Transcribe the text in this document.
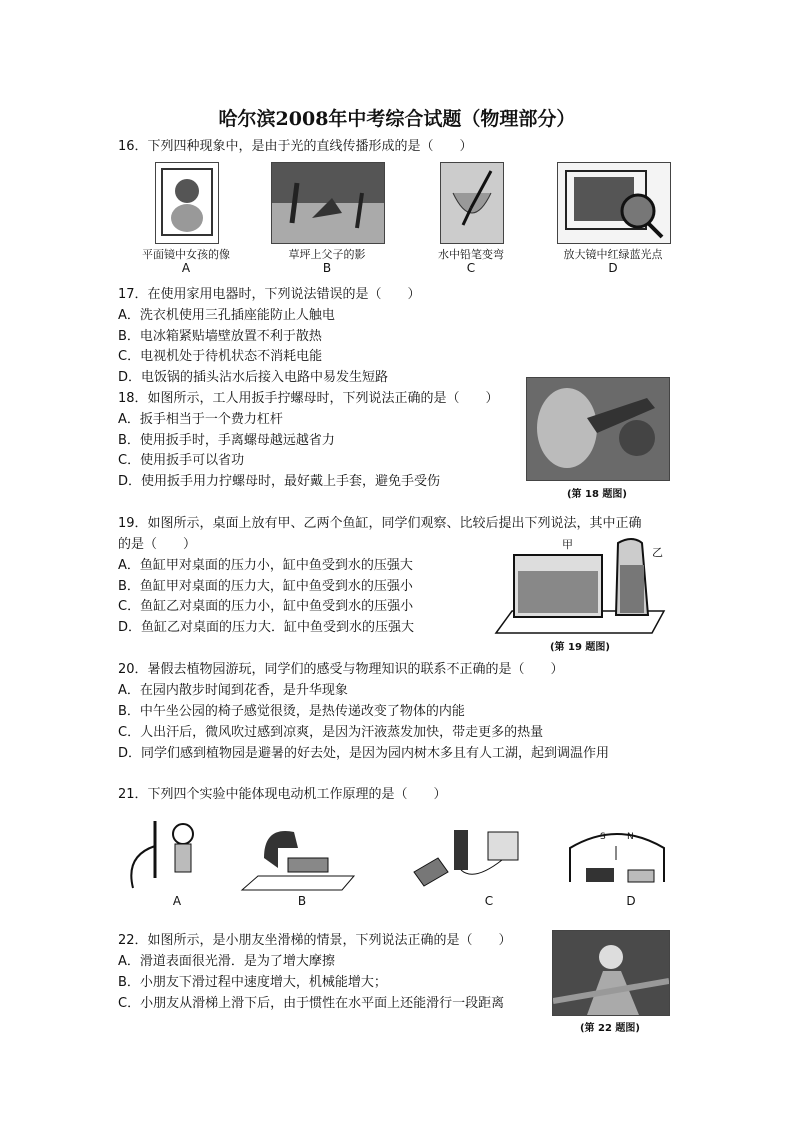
哈尔滨2008年中考综合试题（物理部分）
16．下列四种现象中，是由于光的直线传播形成的是（　　）
平面镜中女孩的像	草坪上父子的影	水中铅笔变弯	放大镜中红绿蓝光点
A	B	C	D
17．在使用家用电器时，下列说法错误的是（　　）
A．洗衣机使用三孔插座能防止人触电
B．电冰箱紧贴墙壁放置不利于散热
C．电视机处于待机状态不消耗电能
D．电饭锅的插头沾水后接入电路中易发生短路
18．如图所示，工人用扳手拧螺母时，下列说法正确的是（　　）
A．扳手相当于一个费力杠杆
B．使用扳手时，手离螺母越远越省力
C．使用扳手可以省功
D．使用扳手用力拧螺母时，最好戴上手套，避免手受伤
(第 18 题图)
19．如图所示，桌面上放有甲、乙两个鱼缸，同学们观察、比较后提出下列说法，其中正确
的是（　　）
A．鱼缸甲对桌面的压力小，缸中鱼受到水的压强大
B．鱼缸甲对桌面的压力大，缸中鱼受到水的压强小
C．鱼缸乙对桌面的压力小，缸中鱼受到水的压强小
D．鱼缸乙对桌面的压力大．缸中鱼受到水的压强大
甲
乙
(第 19 题图)
20．暑假去植物园游玩，同学们的感受与物理知识的联系不正确的是（　　）
A．在园内散步时闻到花香，是升华现象
B．中午坐公园的椅子感觉很烫，是热传递改变了物体的内能
C．人出汗后，微风吹过感到凉爽，是因为汗液蒸发加快，带走更多的热量
D．同学们感到植物园是避暑的好去处，是因为园内树木多且有人工湖，起到调温作用
21．下列四个实验中能体现电动机工作原理的是（　　）
S N
A	B	C	D
22．如图所示，是小朋友坐滑梯的情景，下列说法正确的是（　　）
A．滑道表面很光滑．是为了增大摩擦
B．小朋友下滑过程中速度增大，机械能增大；
C．小朋友从滑梯上滑下后，由于惯性在水平面上还能滑行一段距离
(第 22 题图)
